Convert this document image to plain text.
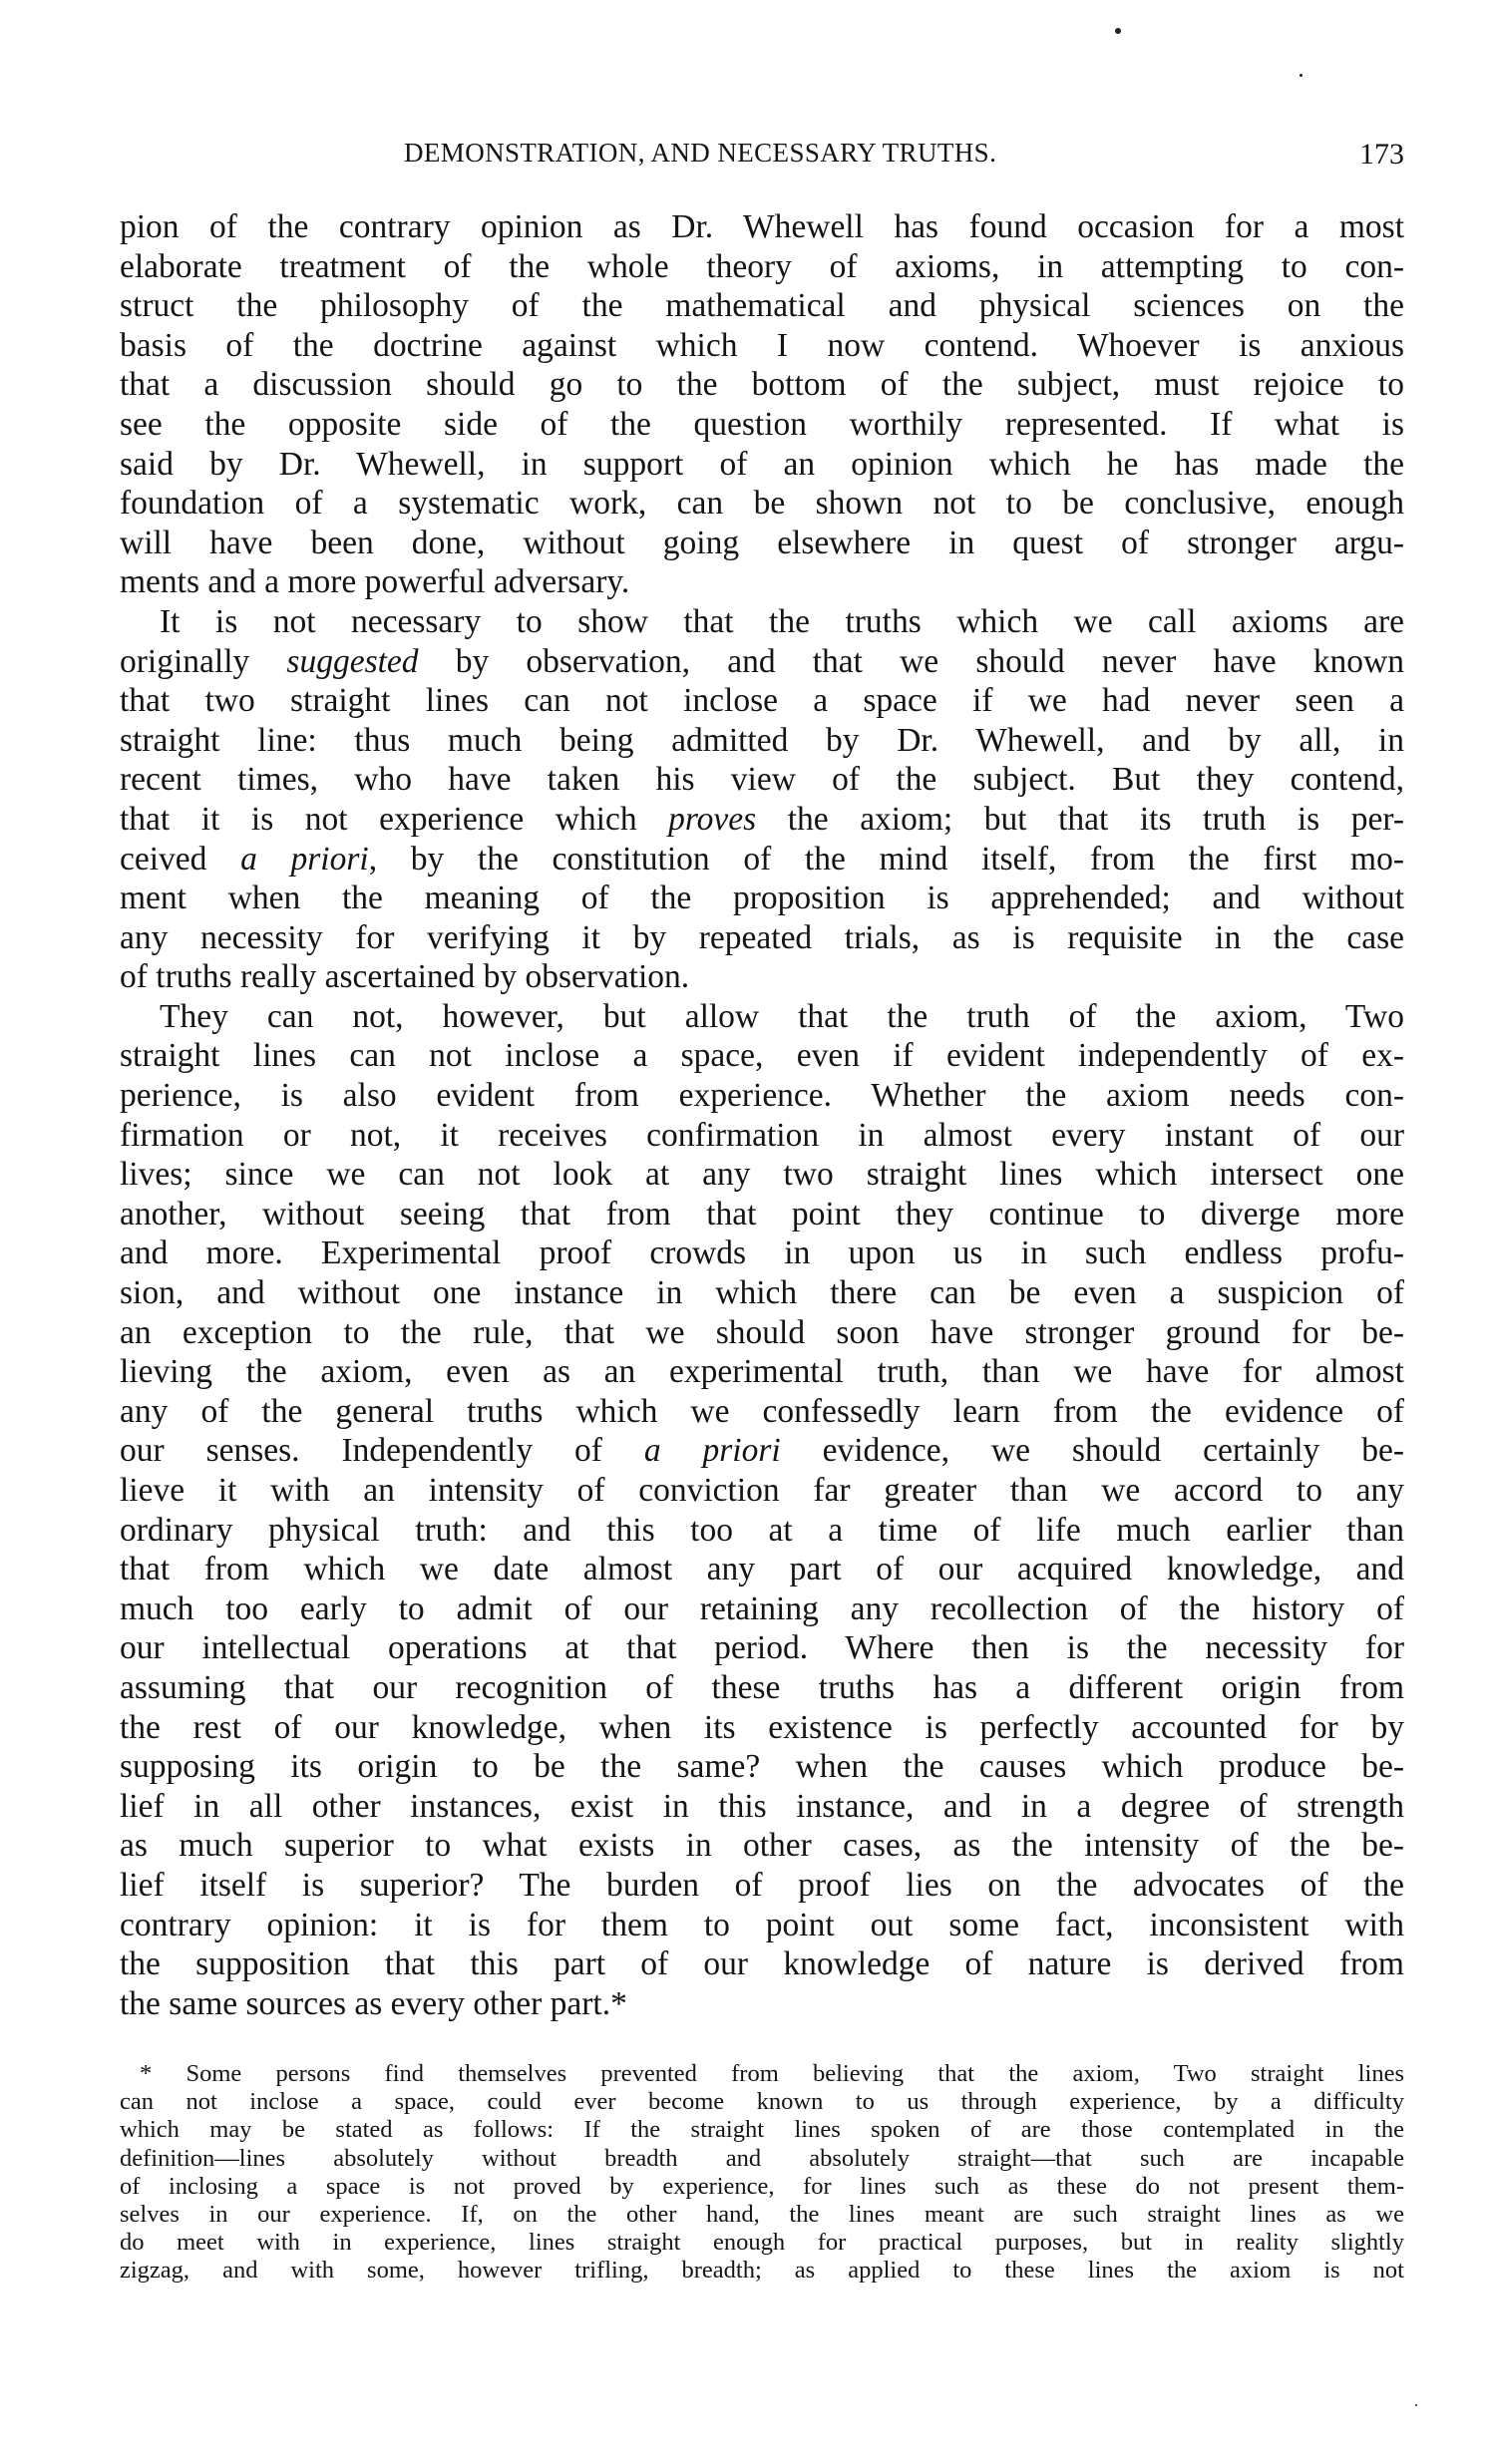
DEMONSTRATION, AND NECESSARY TRUTHS.	173
pion of the contrary opinion as Dr. Whewell has found occasion for a most
elaborate treatment of the whole theory of axioms, in attempting to con-
struct the philosophy of the mathematical and physical sciences on the
basis of the doctrine against which I now contend. Whoever is anxious
that a discussion should go to the bottom of the subject, must rejoice to
see the opposite side of the question worthily represented. If what is
said by Dr. Whewell, in support of an opinion which he has made the
foundation of a systematic work, can be shown not to be conclusive, enough
will have been done, without going elsewhere in quest of stronger argu-
ments and a more powerful adversary.
It is not necessary to show that the truths which we call axioms are
originally suggested by observation, and that we should never have known
that two straight lines can not inclose a space if we had never seen a
straight line: thus much being admitted by Dr. Whewell, and by all, in
recent times, who have taken his view of the subject. But they contend,
that it is not experience which proves the axiom; but that its truth is per-
ceived a priori, by the constitution of the mind itself, from the first mo-
ment when the meaning of the proposition is apprehended; and without
any necessity for verifying it by repeated trials, as is requisite in the case
of truths really ascertained by observation.
They can not, however, but allow that the truth of the axiom, Two
straight lines can not inclose a space, even if evident independently of ex-
perience, is also evident from experience. Whether the axiom needs con-
firmation or not, it receives confirmation in almost every instant of our
lives; since we can not look at any two straight lines which intersect one
another, without seeing that from that point they continue to diverge more
and more. Experimental proof crowds in upon us in such endless profu-
sion, and without one instance in which there can be even a suspicion of
an exception to the rule, that we should soon have stronger ground for be-
lieving the axiom, even as an experimental truth, than we have for almost
any of the general truths which we confessedly learn from the evidence of
our senses. Independently of a priori evidence, we should certainly be-
lieve it with an intensity of conviction far greater than we accord to any
ordinary physical truth: and this too at a time of life much earlier than
that from which we date almost any part of our acquired knowledge, and
much too early to admit of our retaining any recollection of the history of
our intellectual operations at that period. Where then is the necessity for
assuming that our recognition of these truths has a different origin from
the rest of our knowledge, when its existence is perfectly accounted for by
supposing its origin to be the same? when the causes which produce be-
lief in all other instances, exist in this instance, and in a degree of strength
as much superior to what exists in other cases, as the intensity of the be-
lief itself is superior? The burden of proof lies on the advocates of the
contrary opinion: it is for them to point out some fact, inconsistent with
the supposition that this part of our knowledge of nature is derived from
the same sources as every other part.*
* Some persons find themselves prevented from believing that the axiom, Two straight lines
can not inclose a space, could ever become known to us through experience, by a difficulty
which may be stated as follows: If the straight lines spoken of are those contemplated in the
definition—lines absolutely without breadth and absolutely straight—that such are incapable
of inclosing a space is not proved by experience, for lines such as these do not present them-
selves in our experience. If, on the other hand, the lines meant are such straight lines as we
do meet with in experience, lines straight enough for practical purposes, but in reality slightly
zigzag, and with some, however trifling, breadth; as applied to these lines the axiom is not
